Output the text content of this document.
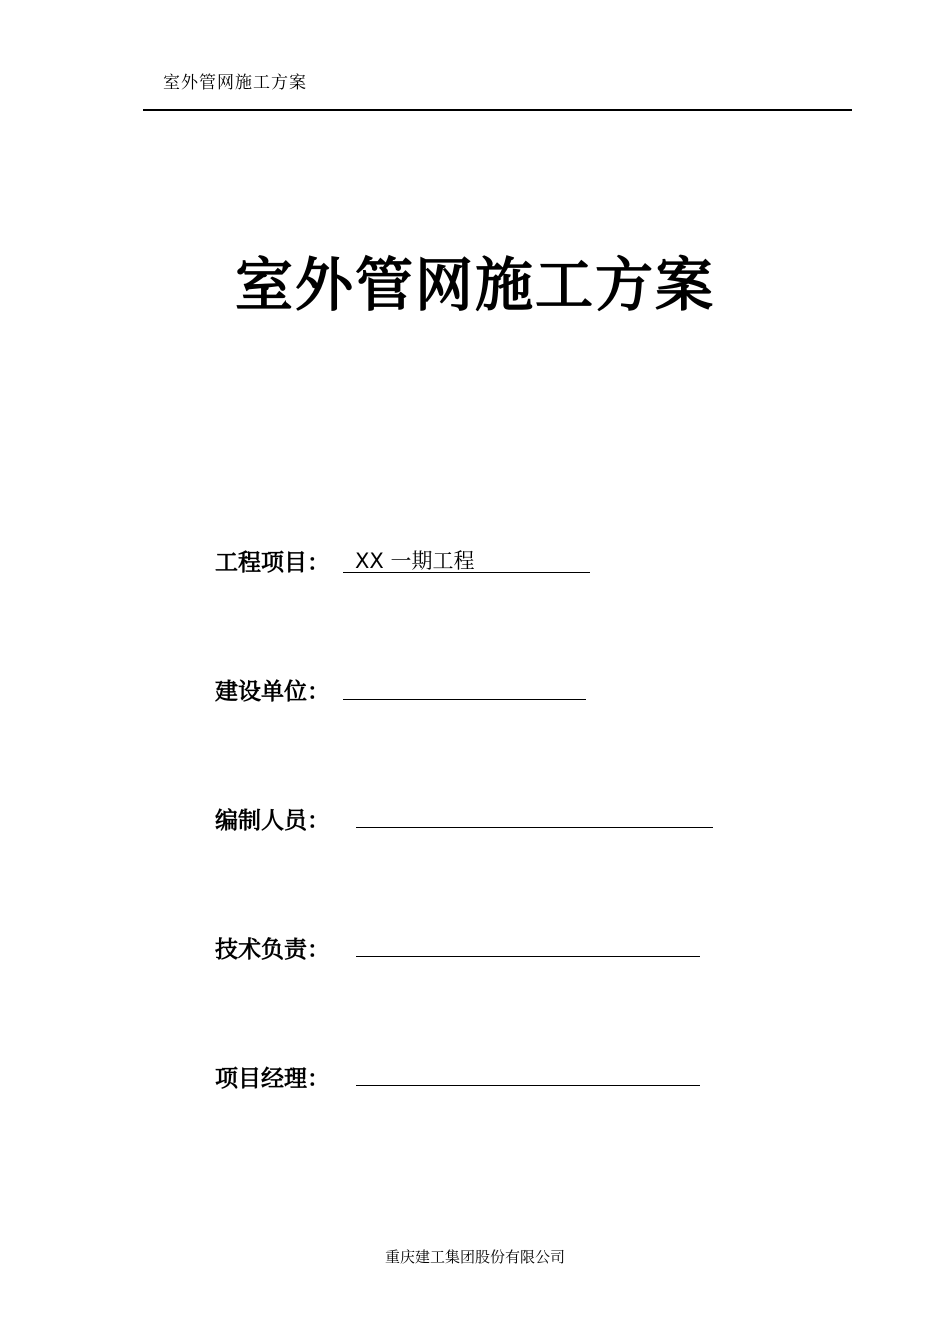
室外管网施工方案
室外管网施工方案
工程项目： XX 一期工程
建设单位：
编制人员：
技术负责：
项目经理：
重庆建工集团股份有限公司
